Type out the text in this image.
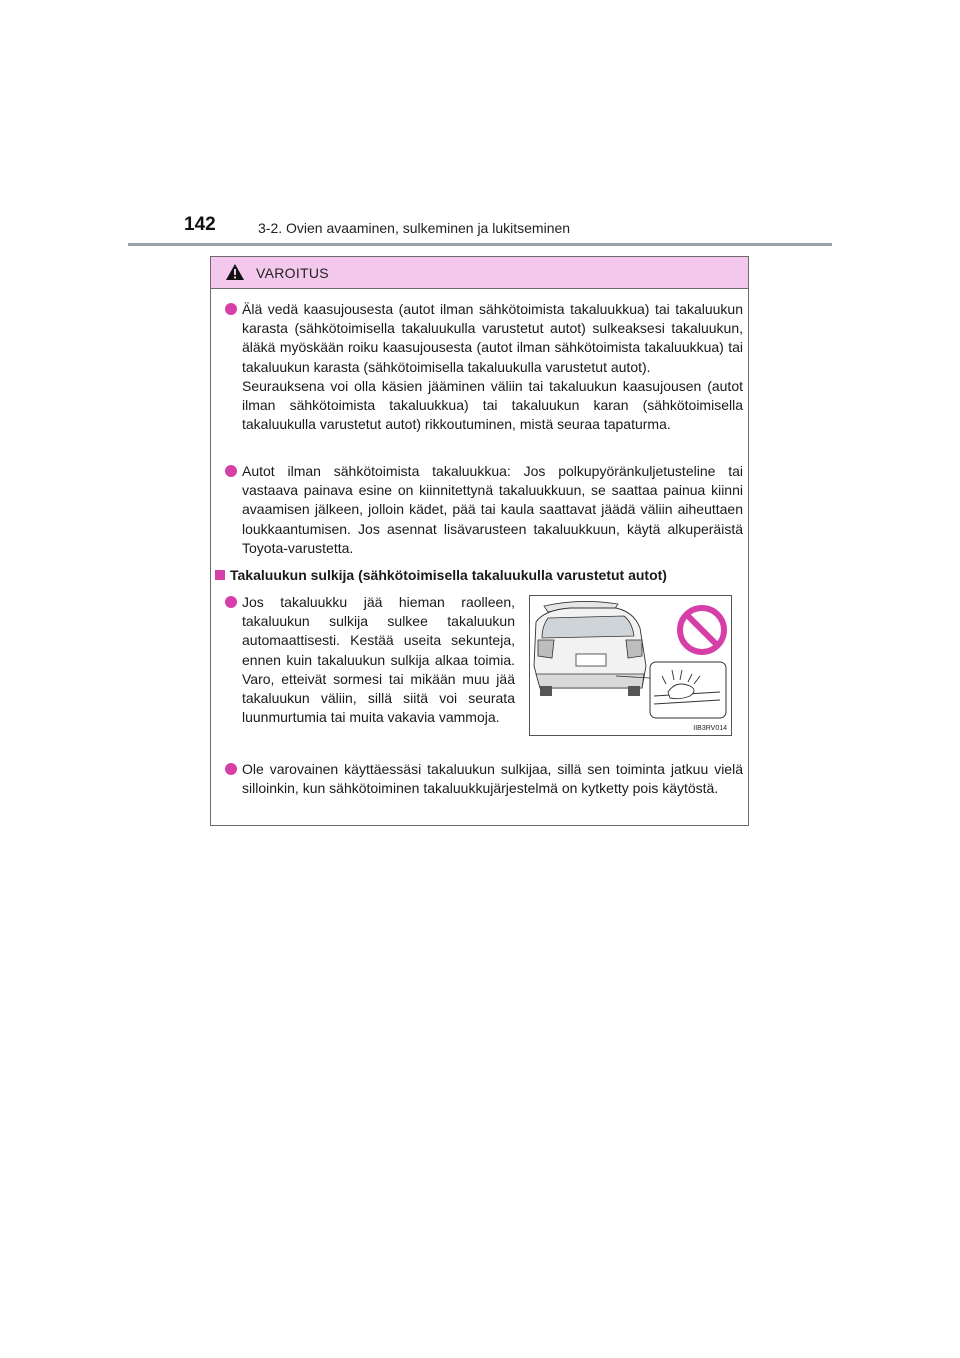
142	3-2. Ovien avaaminen, sulkeminen ja lukitseminen
VAROITUS
Älä vedä kaasujousesta (autot ilman sähkötoimista takaluukkua) tai takaluukun karasta (sähkötoimisella takaluukulla varustetut autot) sulkeaksesi takaluukun, äläkä myöskään roiku kaasujousesta (autot ilman sähkötoimista takaluukkua) tai takaluukun karasta (sähkötoimisella takaluukulla varustetut autot).
Seurauksena voi olla käsien jääminen väliin tai takaluukun kaasujousen (autot ilman sähkötoimista takaluukkua) tai takaluukun karan (sähkötoimisella takaluukulla varustetut autot) rikkoutuminen, mistä seuraa tapaturma.
Autot ilman sähkötoimista takaluukkua: Jos polkupyöränkuljetusteline tai vastaava painava esine on kiinnitettynä takaluukkuun, se saattaa painua kiinni avaamisen jälkeen, jolloin kädet, pää tai kaula saattavat jäädä väliin aiheuttaen loukkaantumisen. Jos asennat lisävarusteen takaluukkuun, käytä alkuperäistä Toyota-varustetta.
Takaluukun sulkija (sähkötoimisella takaluukulla varustetut autot)
Jos takaluukku jää hieman raolleen, takaluukun sulkija sulkee takaluukun automaattisesti. Kestää useita sekunteja, ennen kuin takaluukun sulkija alkaa toimia. Varo, etteivät sormesi tai mikään muu jää takaluukun väliin, sillä siitä voi seurata luunmurtumia tai muita vakavia vammoja.
IIB3RV014
Ole varovainen käyttäessäsi takaluukun sulkijaa, sillä sen toiminta jatkuu vielä silloinkin, kun sähkötoiminen takaluukkujärjestelmä on kytketty pois käytöstä.
